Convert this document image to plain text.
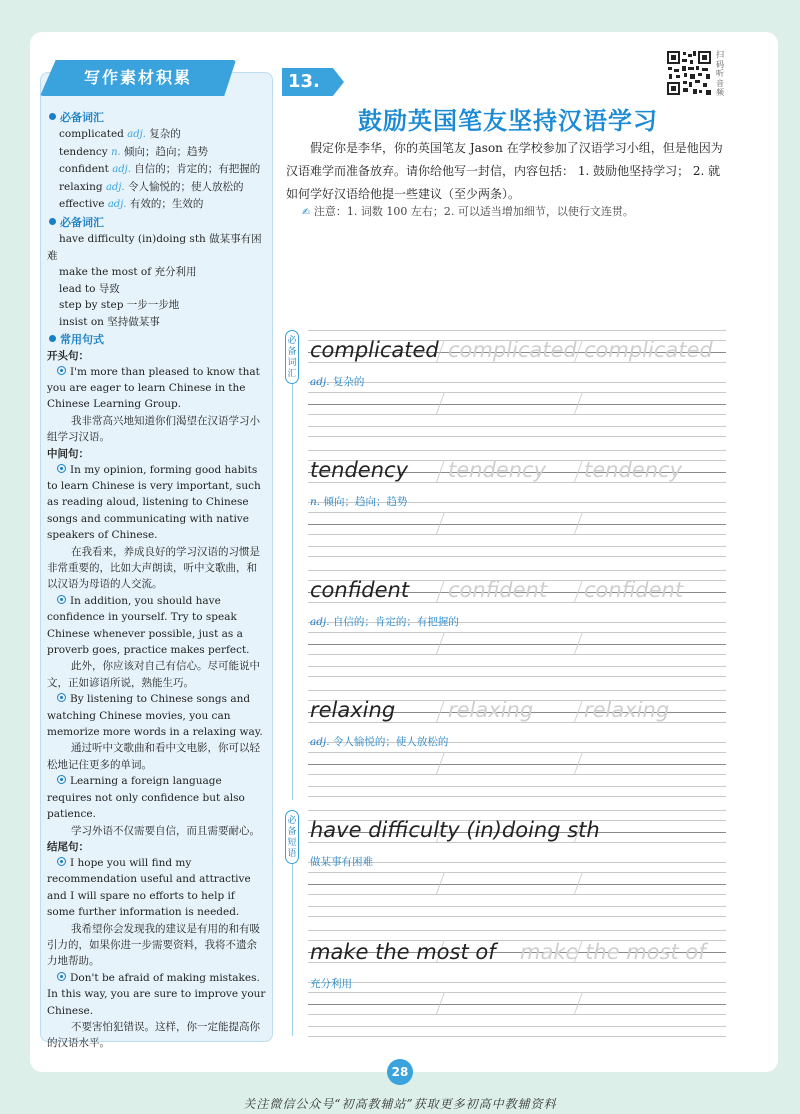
必备词汇
complicated adj. 复杂的
tendency n. 倾向；趋向；趋势
confident adj. 自信的；肯定的；有把握的
relaxing adj. 令人愉悦的；使人放松的
effective adj. 有效的；生效的
必备词汇
have difficulty (in)doing sth 做某事有困难
make the most of 充分利用
lead to 导致
step by step 一步一步地
insist on 坚持做某事
常用句式
开头句：
I'm more than pleased to know that you are eager to learn Chinese in the Chinese Learning Group.
我非常高兴地知道你们渴望在汉语学习小组学习汉语。
中间句：
In my opinion, forming good habits to learn Chinese is very important, such as reading aloud, listening to Chinese songs and communicating with native speakers of Chinese.
在我看来，养成良好的学习汉语的习惯是非常重要的，比如大声朗读，听中文歌曲，和以汉语为母语的人交流。
In addition, you should have confidence in yourself. Try to speak Chinese whenever possible, just as a proverb goes, practice makes perfect.
此外，你应该对自己有信心。尽可能说中文，正如谚语所说，熟能生巧。
By listening to Chinese songs and watching Chinese movies, you can memorize more words in a relaxing way.
通过听中文歌曲和看中文电影，你可以轻松地记住更多的单词。
Learning a foreign language requires not only confidence but also patience.
学习外语不仅需要自信，而且需要耐心。
结尾句：
I hope you will find my recommendation useful and attractive and I will spare no efforts to help if some further information is needed.
我希望你会发现我的建议是有用的和有吸引力的，如果你进一步需要资料，我将不遗余力地帮助。
Don't be afraid of making mistakes. In this way, you are sure to improve your Chinese.
不要害怕犯错误。这样，你一定能提高你的汉语水平。
写作素材积累	13.
鼓励英国笔友坚持汉语学习
扫码听音频
假定你是李华，你的英国笔友 Jason 在学校参加了汉语学习小组，但是他因为汉语难学而准备放弃。请你给他写一封信，内容包括： 1. 鼓励他坚持学习； 2. 就如何学好汉语给他提一些建议（至少两条）。
✍ 注意：1. 词数 100 左右；2. 可以适当增加细节，以使行文连贯。
必备词汇
必备短语
complicated complicated complicated
adj. 复杂的
tendency tendency tendency
n. 倾向；趋向；趋势
confident confident confident
adj. 自信的；肯定的；有把握的
relaxing	relaxing relaxing
adj. 令人愉悦的；使人放松的
have difficulty (in)doing sth
做某事有困难
make the most of make the most of
充分利用
28
关注微信公众号“初高教辅站”获取更多初高中教辅资料
